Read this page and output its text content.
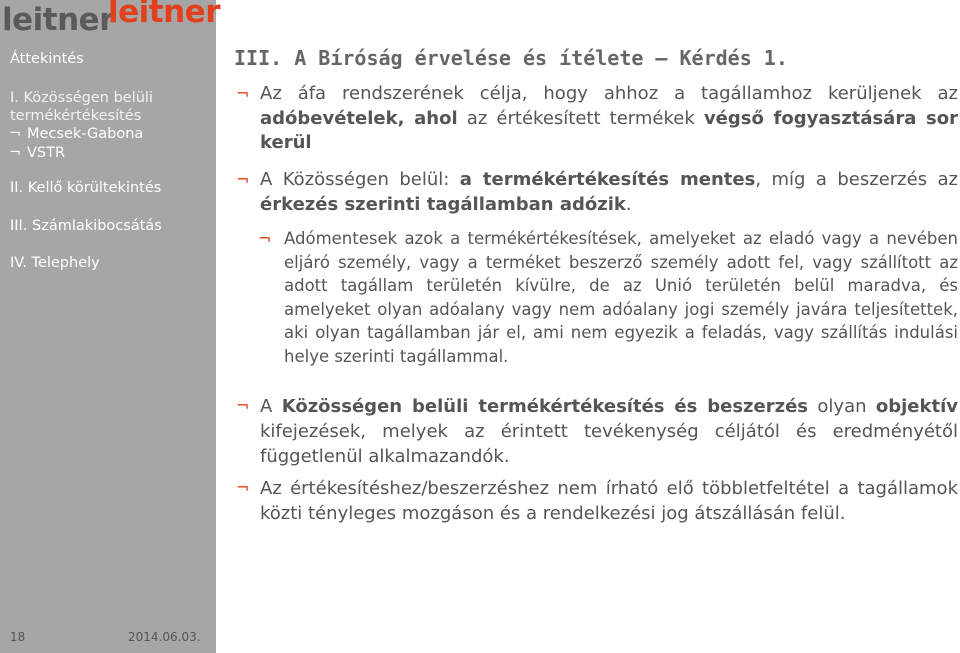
leitner
leitner
Áttekintés
I. Közösségen belüli termékértékesítés
¬ Mecsek-Gabona
¬ VSTR
II. Kellő körültekintés
III. Számlakibocsátás
IV. Telephely
18	2014.06.03.
III. A Bíróság érvelése és ítélete – Kérdés 1.
¬ Az áfa rendszerének célja, hogy ahhoz a tagállamhoz kerüljenek az adóbevételek, ahol az értékesített termékek végső fogyasztására sor kerül
¬ A Közösségen belül: a termékértékesítés mentes, míg a beszerzés az érkezés szerinti tagállamban adózik.
¬ Adómentesek azok a termékértékesítések, amelyeket az eladó vagy a nevében eljáró személy, vagy a terméket beszerző személy adott fel, vagy szállított az adott tagállam területén kívülre, de az Unió területén belül maradva, és amelyeket olyan adóalany vagy nem adóalany jogi személy javára teljesítettek, aki olyan tagállamban jár el, ami nem egyezik a feladás, vagy szállítás indulási helye szerinti tagállammal.
¬ A Közösségen belüli termékértékesítés és beszerzés olyan objektív kifejezések, melyek az érintett tevékenység céljától és eredményétől függetlenül alkalmazandók.
¬ Az értékesítéshez/beszerzéshez nem írható elő többletfeltétel a tagállamok közti tényleges mozgáson és a rendelkezési jog átszállásán felül.
